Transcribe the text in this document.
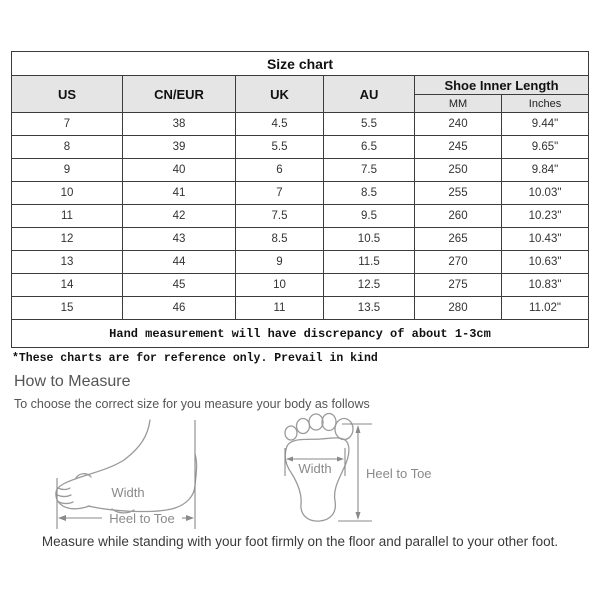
Size chart					
US	CN/EUR	UK	AU	Shoe Inner Length	
				MM	Inches
7	38	4.5	5.5	240	9.44"
8	39	5.5	6.5	245	9.65"
9	40	6	7.5	250	9.84"
10	41	7	8.5	255	10.03"
11	42	7.5	9.5	260	10.23"
12	43	8.5	10.5	265	10.43"
13	44	9	11.5	270	10.63"
14	45	10	12.5	275	10.83"
15	46	11	13.5	280	11.02"
Hand measurement will have discrepancy of about 1-3cm					
*These charts are for reference only. Prevail in kind
How to Measure
To choose the correct size for you measure your body as follows
Heel to Toe
Width
Width	Heel to Toe
Measure while standing with your foot firmly on the floor and parallel to your other foot.
